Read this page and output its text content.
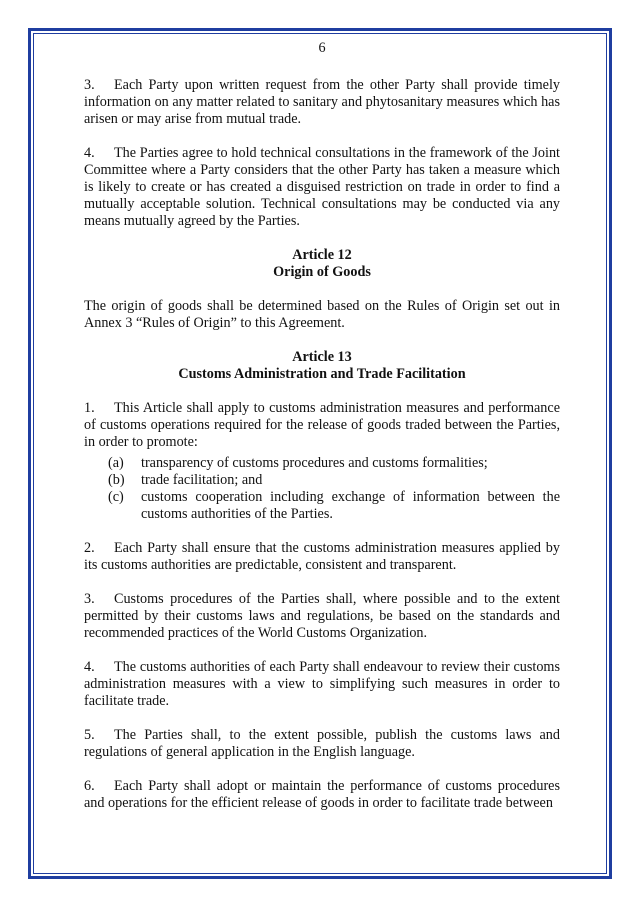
6

3. Each Party upon written request from the other Party shall provide timely information on any matter related to sanitary and phytosanitary measures which has arisen or may arise from mutual trade.

4. The Parties agree to hold technical consultations in the framework of the Joint Committee where a Party considers that the other Party has taken a measure which is likely to create or has created a disguised restriction on trade in order to find a mutually acceptable solution. Technical consultations may be conducted via any means mutually agreed by the Parties.

Article 12
Origin of Goods

The origin of goods shall be determined based on the Rules of Origin set out in Annex 3 “Rules of Origin” to this Agreement.

Article 13
Customs Administration and Trade Facilitation

1. This Article shall apply to customs administration measures and performance of customs operations required for the release of goods traded between the Parties, in order to promote:

(a) transparency of customs procedures and customs formalities;
(b) trade facilitation; and
(c) customs cooperation including exchange of information between the customs authorities of the Parties.

2. Each Party shall ensure that the customs administration measures applied by its customs authorities are predictable, consistent and transparent.

3. Customs procedures of the Parties shall, where possible and to the extent permitted by their customs laws and regulations, be based on the standards and recommended practices of the World Customs Organization.

4. The customs authorities of each Party shall endeavour to review their customs administration measures with a view to simplifying such measures in order to facilitate trade.

5. The Parties shall, to the extent possible, publish the customs laws and regulations of general application in the English language.

6. Each Party shall adopt or maintain the performance of customs procedures and operations for the efficient release of goods in order to facilitate trade between
